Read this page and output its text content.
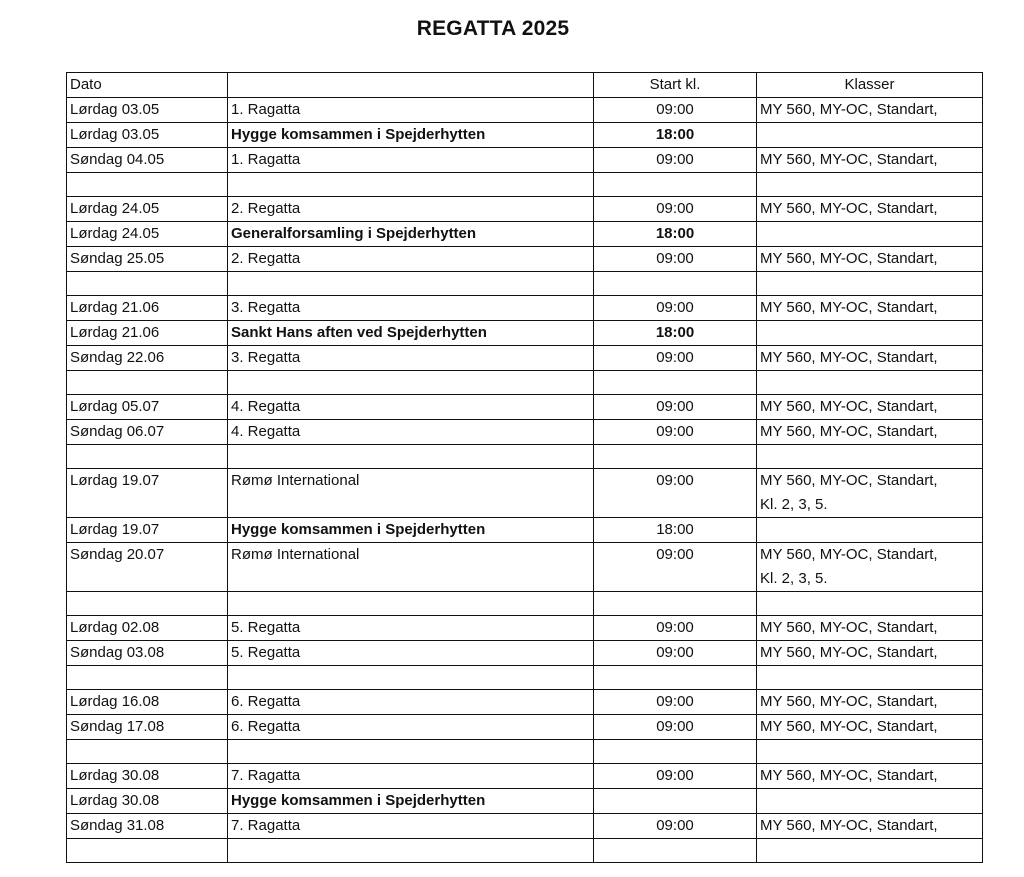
REGATTA 2025
Dato		Start kl.	Klasser
Lørdag 03.05	1. Ragatta	09:00	MY 560, MY-OC, Standart,

Lørdag 03.05	Hygge komsammen i Spejderhytten	18:00	

Søndag 04.05	1. Ragatta	09:00	MY 560, MY-OC, Standart,

Lørdag 24.05	2. Regatta	09:00	MY 560, MY-OC, Standart,

Lørdag 24.05	Generalforsamling i Spejderhytten	18:00	

Søndag 25.05	2. Regatta	09:00	MY 560, MY-OC, Standart,

Lørdag 21.06	3. Regatta	09:00	MY 560, MY-OC, Standart,

Lørdag 21.06	Sankt Hans aften ved Spejderhytten	18:00	

Søndag 22.06	3. Regatta	09:00	MY 560, MY-OC, Standart,

Lørdag 05.07	4. Regatta	09:00	MY 560, MY-OC, Standart,

Søndag 06.07	4. Regatta	09:00	MY 560, MY-OC, Standart,

Lørdag 19.07	Rømø International	09:00	MY 560, MY-OC, Standart,
Kl. 2, 3, 5.

Lørdag 19.07	Hygge komsammen i Spejderhytten	18:00	

Søndag 20.07	Rømø International	09:00	MY 560, MY-OC, Standart,
Kl. 2, 3, 5.

Lørdag 02.08	5. Regatta	09:00	MY 560, MY-OC, Standart,

Søndag 03.08	5. Regatta	09:00	MY 560, MY-OC, Standart,

Lørdag 16.08	6. Regatta	09:00	MY 560, MY-OC, Standart,

Søndag 17.08	6. Regatta	09:00	MY 560, MY-OC, Standart,

Lørdag 30.08	7. Ragatta	09:00	MY 560, MY-OC, Standart,

Lørdag 30.08	Hygge komsammen i Spejderhytten		

Søndag 31.08	7. Ragatta	09:00	MY 560, MY-OC, Standart,
